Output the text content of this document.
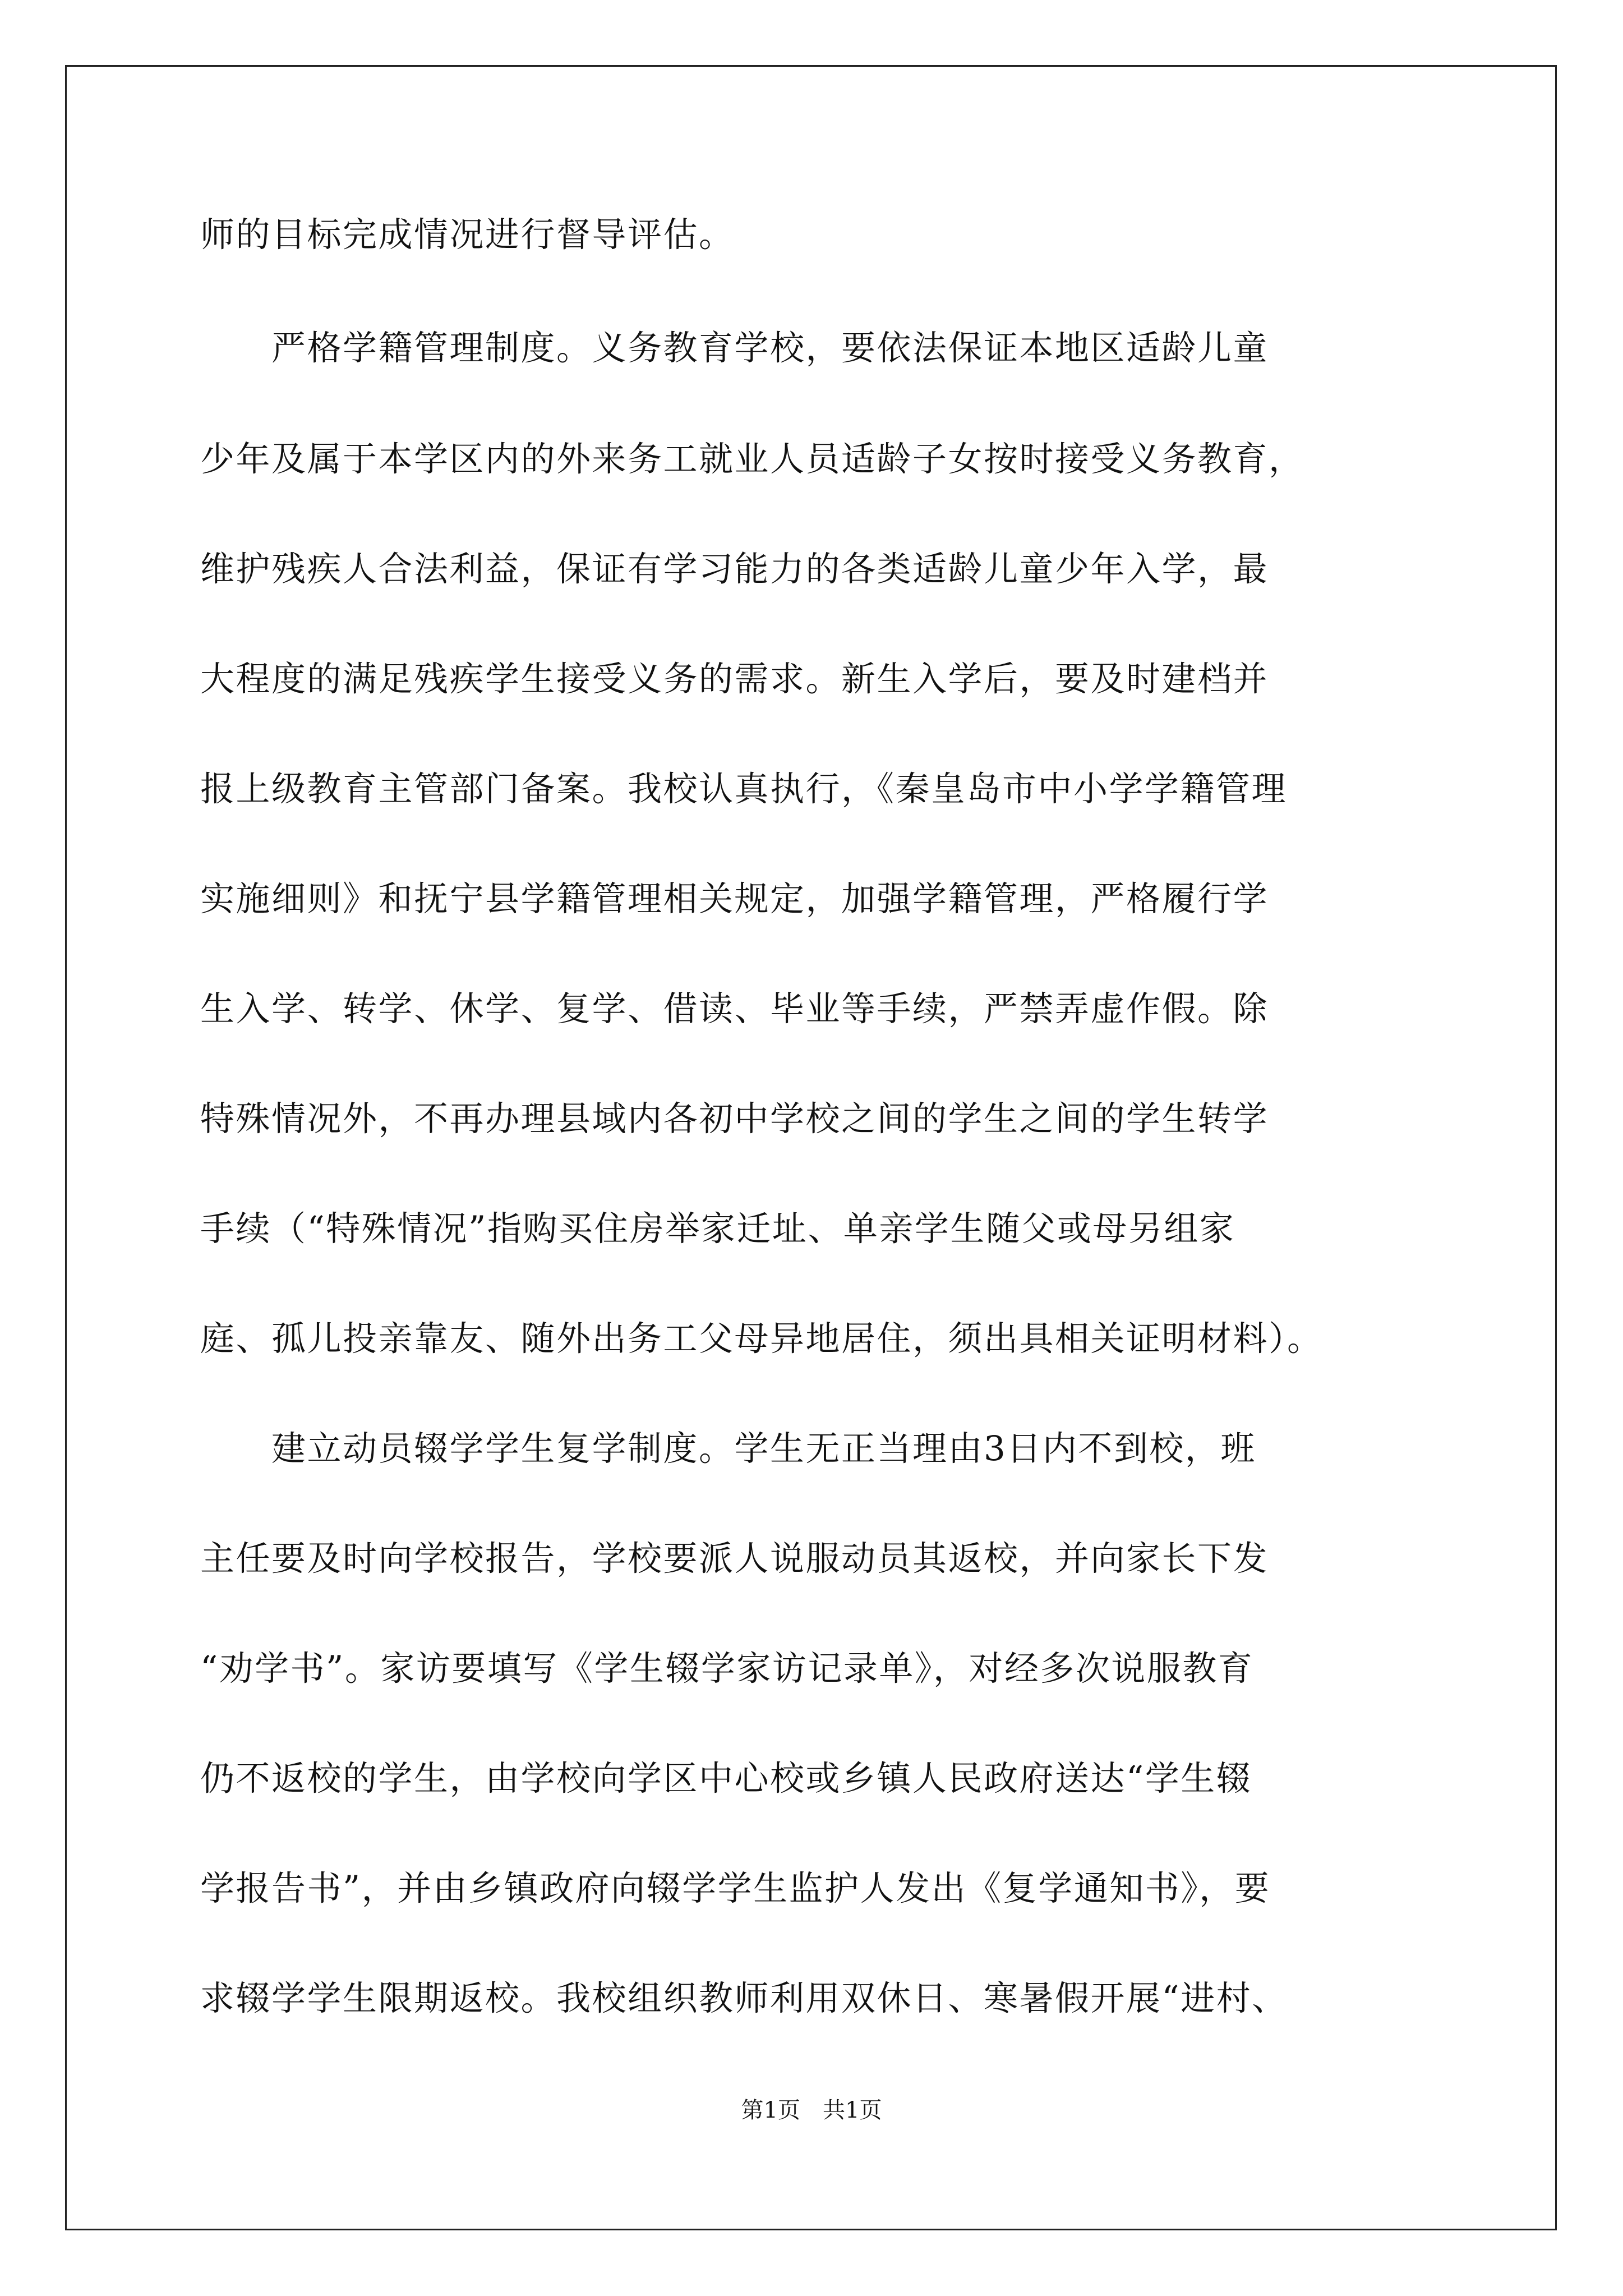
师的目标完成情况进行督导评估。

　　严格学籍管理制度。义务教育学校，要依法保证本地区适龄儿童

少年及属于本学区内的外来务工就业人员适龄子女按时接受义务教育，

维护残疾人合法利益，保证有学习能力的各类适龄儿童少年入学，最

大程度的满足残疾学生接受义务的需求。新生入学后，要及时建档并

报上级教育主管部门备案。我校认真执行，《秦皇岛市中小学学籍管理

实施细则》和抚宁县学籍管理相关规定，加强学籍管理，严格履行学

生入学、转学、休学、复学、借读、毕业等手续，严禁弄虚作假。除

特殊情况外，不再办理县域内各初中学校之间的学生之间的学生转学

手续（“特殊情况”指购买住房举家迁址、单亲学生随父或母另组家

庭、孤儿投亲靠友、随外出务工父母异地居住，须出具相关证明材料）。

　　建立动员辍学学生复学制度。学生无正当理由3日内不到校，班

主任要及时向学校报告，学校要派人说服动员其返校，并向家长下发

“劝学书”。家访要填写《学生辍学家访记录单》，对经多次说服教育

仍不返校的学生，由学校向学区中心校或乡镇人民政府送达“学生辍

学报告书”，并由乡镇政府向辍学学生监护人发出《复学通知书》，要

求辍学学生限期返校。我校组织教师利用双休日、寒暑假开展“进村、

第1页　共1页
